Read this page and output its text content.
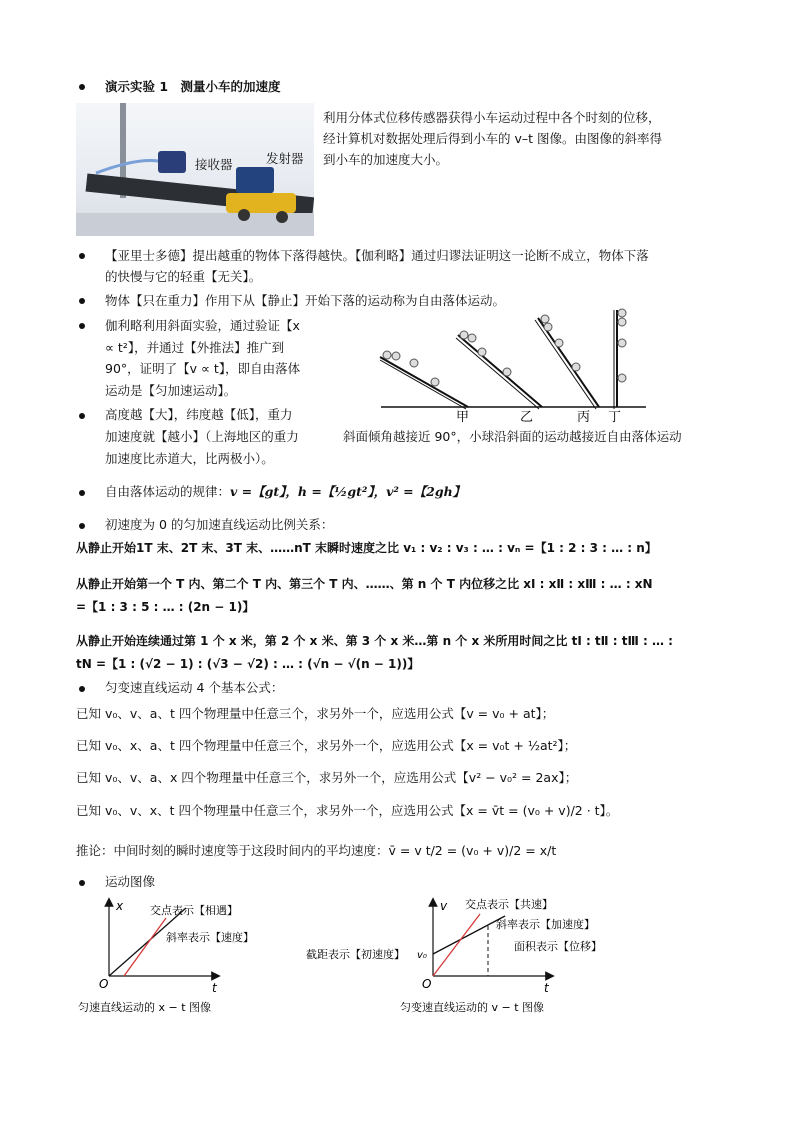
演示实验 1　测量小车的加速度
接收器	发射器
利用分体式位移传感器获得小车运动过程中各个时刻的位移，
经计算机对数据处理后得到小车的 v–t 图像。由图像的斜率得
到小车的加速度大小。
【亚里士多德】提出越重的物体下落得越快。【伽利略】通过归谬法证明这一论断不成立，物体下落
的快慢与它的轻重【无关】。
物体【只在重力】作用下从【静止】开始下落的运动称为自由落体运动。
伽利略利用斜面实验，通过验证【x
∝ t²】，并通过【外推法】推广到
90°，证明了【v ∝ t】，即自由落体
运动是【匀加速运动】。
高度越【大】，纬度越【低】，重力
加速度就【越小】（上海地区的重力
加速度比赤道大，比两极小）。
甲	乙	丙 丁
斜面倾角越接近 90°，小球沿斜面的运动越接近自由落体运动
自由落体运动的规律：v =【gt】，h =【½gt²】，v² =【2gh】
初速度为 0 的匀加速直线运动比例关系：
从静止开始1T 末、2T 末、3T 末、……nT 末瞬时速度之比 v₁ : v₂ : v₃ : … : vₙ =【1 : 2 : 3 : … : n】
从静止开始第一个 T 内、第二个 T 内、第三个 T 内、……、第 n 个 T 内位移之比 xⅠ : xⅡ : xⅢ : … : xN
=【1 : 3 : 5 : … : (2n − 1)】
从静止开始连续通过第 1 个 x 米，第 2 个 x 米、第 3 个 x 米…第 n 个 x 米所用时间之比 tⅠ : tⅡ : tⅢ : … :
tN =【1 : (√2 − 1) : (√3 − √2) : … : (√n − √(n − 1))】
匀变速直线运动 4 个基本公式：
已知 v₀、v、a、t 四个物理量中任意三个，求另外一个，应选用公式【v = v₀ + at】；
已知 v₀、x、a、t 四个物理量中任意三个，求另外一个，应选用公式【x = v₀t + ½at²】；
已知 v₀、v、a、x 四个物理量中任意三个，求另外一个，应选用公式【v² − v₀² = 2ax】；
已知 v₀、v、x、t 四个物理量中任意三个，求另外一个，应选用公式【x = v̄t = (v₀ + v)/2 · t】。
推论：中间时刻的瞬时速度等于这段时间内的平均速度：v̄ = v t/2 = (v₀ + v)/2 = x/t
运动图像
x
t
O
交点表示【相遇】
斜率表示【速度】
匀速直线运动的 x − t 图像
v
t
O
v₀
交点表示【共速】
斜率表示【加速度】
面积表示【位移】
截距表示【初速度】
匀变速直线运动的 v − t 图像
